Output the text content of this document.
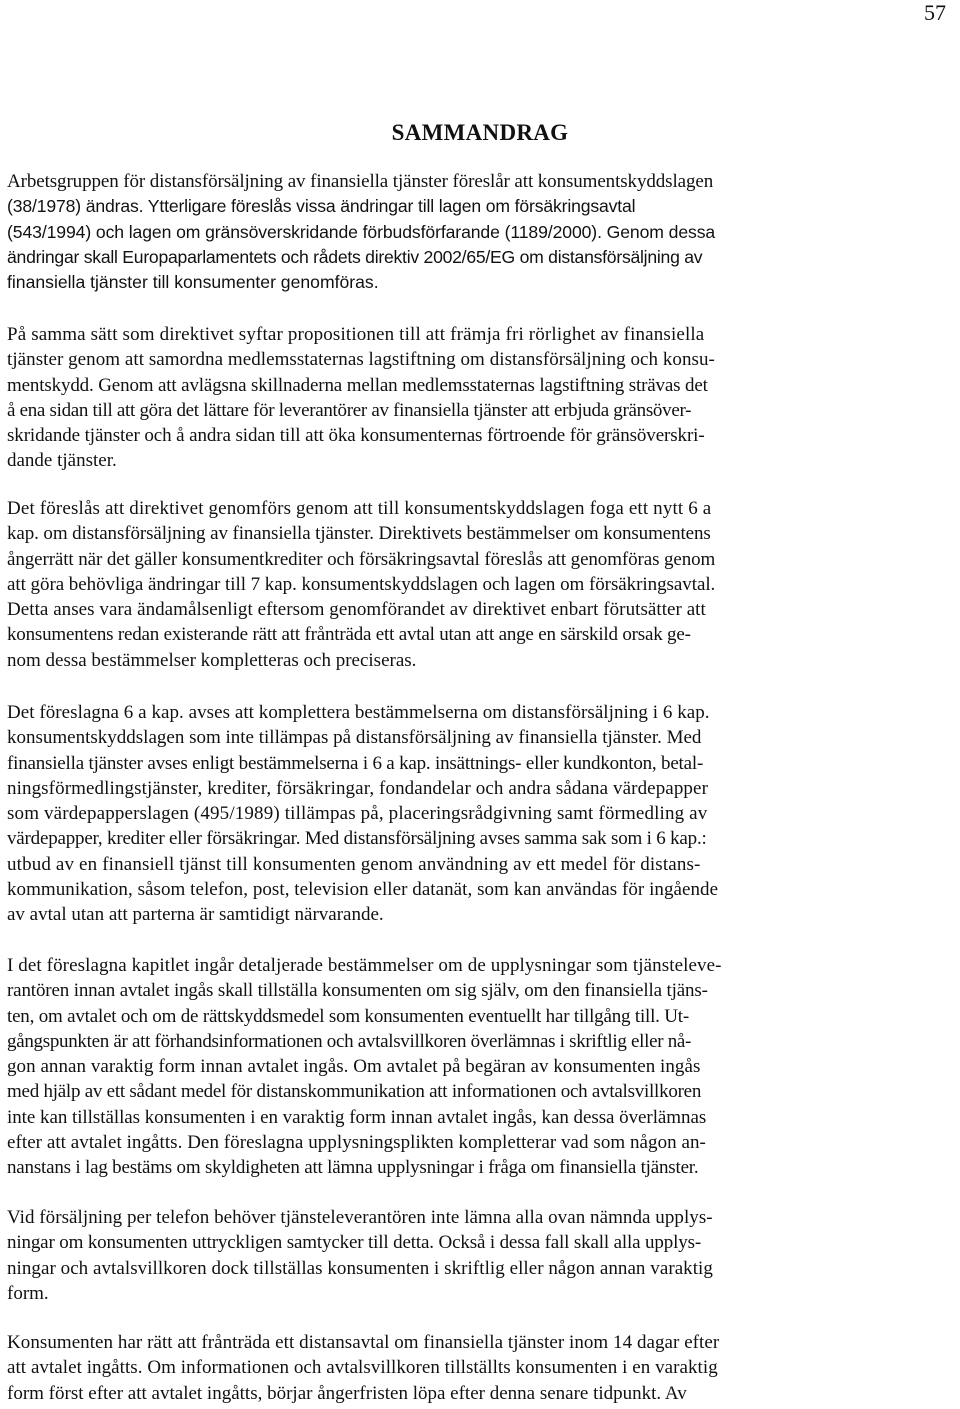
57
SAMMANDRAG

Arbetsgruppen för distansförsäljning av finansiella tjänster föreslår att konsumentskyddslagen
(38/1978) ändras. Ytterligare föreslås vissa ändringar till lagen om försäkringsavtal
(543/1994) och lagen om gränsöverskridande förbudsförfarande (1189/2000). Genom dessa
ändringar skall Europaparlamentets och rådets direktiv 2002/65/EG om distansförsäljning av
finansiella tjänster till konsumenter genomföras.

På samma sätt som direktivet syftar propositionen till att främja fri rörlighet av finansiella
tjänster genom att samordna medlemsstaternas lagstiftning om distansförsäljning och konsu-
mentskydd. Genom att avlägsna skillnaderna mellan medlemsstaternas lagstiftning strävas det
å ena sidan till att göra det lättare för leverantörer av finansiella tjänster att erbjuda gränsöver-
skridande tjänster och å andra sidan till att öka konsumenternas förtroende för gränsöverskri-
dande tjänster.

Det föreslås att direktivet genomförs genom att till konsumentskyddslagen foga ett nytt 6 a
kap. om distansförsäljning av finansiella tjänster. Direktivets bestämmelser om konsumentens
ångerrätt när det gäller konsumentkrediter och försäkringsavtal föreslås att genomföras genom
att göra behövliga ändringar till 7 kap. konsumentskyddslagen och lagen om försäkringsavtal.
Detta anses vara ändamålsenligt eftersom genomförandet av direktivet enbart förutsätter att
konsumentens redan existerande rätt att frånträda ett avtal utan att ange en särskild orsak ge-
nom dessa bestämmelser kompletteras och preciseras.

Det föreslagna 6 a kap. avses att komplettera bestämmelserna om distansförsäljning i 6 kap.
konsumentskyddslagen som inte tillämpas på distansförsäljning av finansiella tjänster. Med
finansiella tjänster avses enligt bestämmelserna i 6 a kap. insättnings- eller kundkonton, betal-
ningsförmedlingstjänster, krediter, försäkringar, fondandelar och andra sådana värdepapper
som värdepapperslagen (495/1989) tillämpas på, placeringsrådgivning samt förmedling av
värdepapper, krediter eller försäkringar. Med distansförsäljning avses samma sak som i 6 kap.:
utbud av en finansiell tjänst till konsumenten genom användning av ett medel för distans-
kommunikation, såsom telefon, post, television eller datanät, som kan användas för ingående
av avtal utan att parterna är samtidigt närvarande.

I det föreslagna kapitlet ingår detaljerade bestämmelser om de upplysningar som tjänsteleve-
rantören innan avtalet ingås skall tillställa konsumenten om sig själv, om den finansiella tjäns-
ten, om avtalet och om de rättskyddsmedel som konsumenten eventuellt har tillgång till. Ut-
gångspunkten är att förhandsinformationen och avtalsvillkoren överlämnas i skriftlig eller nå-
gon annan varaktig form innan avtalet ingås. Om avtalet på begäran av konsumenten ingås
med hjälp av ett sådant medel för distanskommunikation att informationen och avtalsvillkoren
inte kan tillställas konsumenten i en varaktig form innan avtalet ingås, kan dessa överlämnas
efter att avtalet ingåtts. Den föreslagna upplysningsplikten kompletterar vad som någon an-
nanstans i lag bestäms om skyldigheten att lämna upplysningar i fråga om finansiella tjänster.

Vid försäljning per telefon behöver tjänsteleverantören inte lämna alla ovan nämnda upplys-
ningar om konsumenten uttryckligen samtycker till detta. Också i dessa fall skall alla upplys-
ningar och avtalsvillkoren dock tillställas konsumenten i skriftlig eller någon annan varaktig
form.

Konsumenten har rätt att frånträda ett distansavtal om finansiella tjänster inom 14 dagar efter
att avtalet ingåtts. Om informationen och avtalsvillkoren tillställts konsumenten i en varaktig
form först efter att avtalet ingåtts, börjar ångerfristen löpa efter denna senare tidpunkt. Av
